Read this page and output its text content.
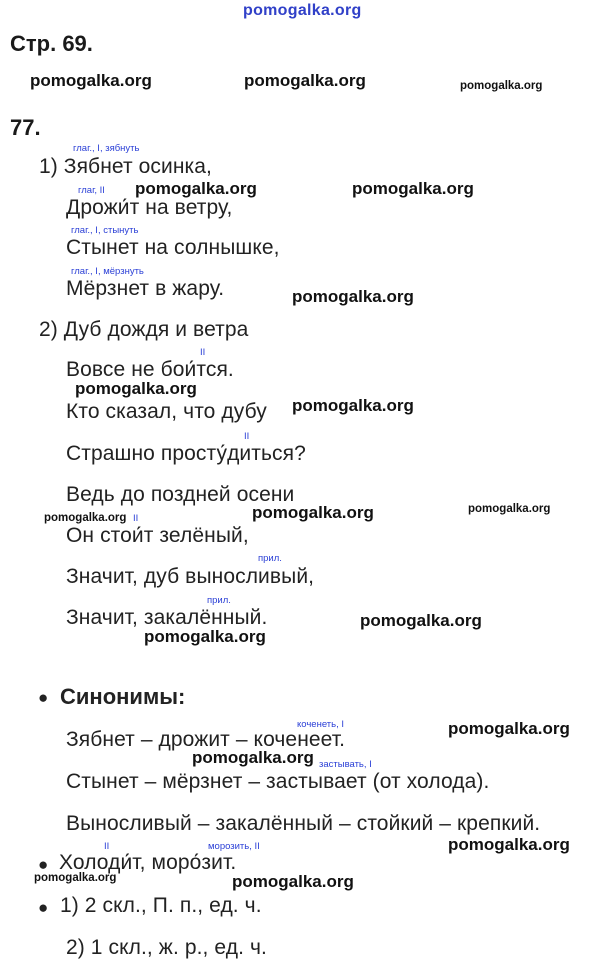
pomogalka.org
Стр. 69.
pomogalka.org	pomogalka.org	pomogalka.org
77.
глаг., I, зябнуть
1) Зябнет осинка,
глаг, II pomogalka.org	pomogalka.org
Дрожи́т на ветру,
глаг., I, стынуть
Стынет на солнышке,
глаг., I, мёрзнуть
Мёрзнет в жару.	pomogalka.org
2) Дуб дождя и ветра
II
Вовсе не бои́тся.
pomogalka.org
Кто сказал, что дубу pomogalka.org
II
Страшно просту́диться?
Ведь до поздней осени
pomogalka.org II	pomogalka.org	pomogalka.org
Он стои́т зелёный,
прил.
Значит, дуб выносливый,
прил.
Значит, закалённый.	pomogalka.org
pomogalka.org
● Синонимы:
коченеть, I	pomogalka.org
Зябнет – дрожит – коченеет.
pomogalka.org застывать, I
Стынет – мёрзнет – застывает (от холода).
Выносливый – закалённый – стойкий – крепкий.
II	морозить, II	pomogalka.org
● Холоди́т, моро́зит.
pomogalka.org	pomogalka.org
● 1) 2 скл., П. п., ед. ч.
2) 1 скл., ж. р., ед. ч.
